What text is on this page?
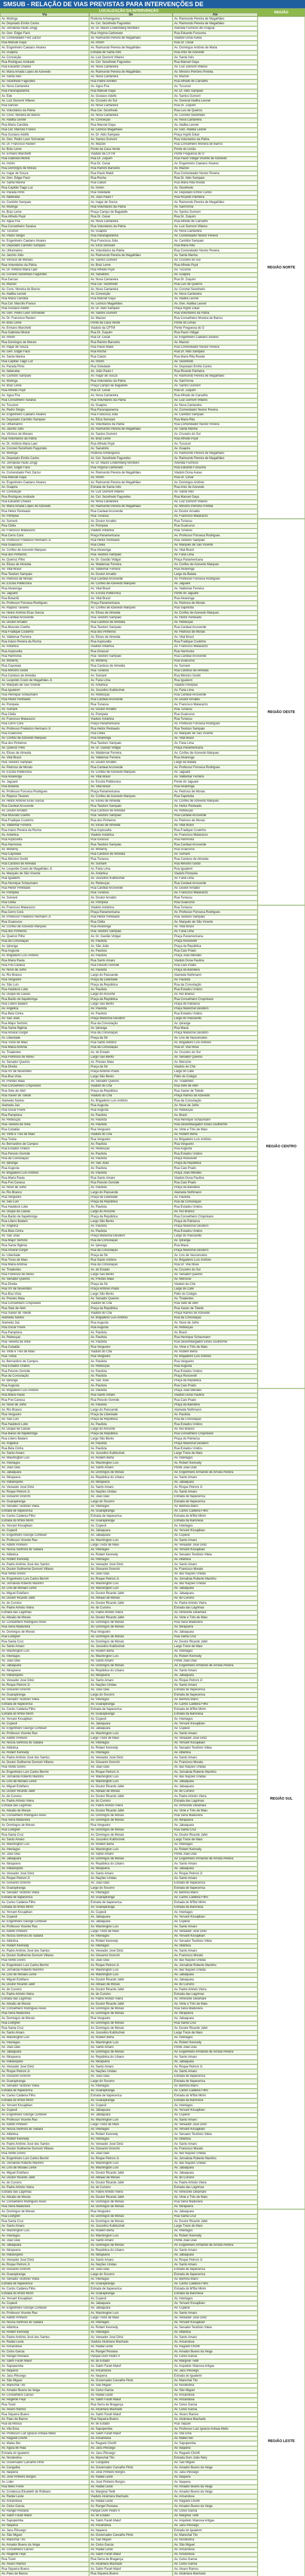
SMSUB - RELAÇÃO DE VIAS PREVISTAS PARA INTERVENÇÕES DE
LOCALIZAÇÃO DA INTERVENÇÃO	REGIÃO
Via	De	Até
Av. Mutinga	Rodovia Anhanguera	Av. Raimundo Pereira de Magalhães
Av. Deputado Emílio Carlos	Av. Cel. Sezefredo Fagundes	Av. Raimundo Pereira de Magalhães
Av. Jornalista Paulo Zingg	Av. Dr. Mauro Lindemberg Monteiro	Avenida Fuchicos de Uruguaí
Av. Gen. Edgar Facó	Rua Virgínia Carbonato	Rua Eduardo Fussuma
Av. Comendador Feiz Zarzur	Av. Raimundo Pereira de Magalhães	Viaduto Dona Aurea
Rua Manuel Gaya	Av. Imirim	Rua Dr. Cesar
Av. Engenheiro Caetano Álvares	Av. Raimundo Pereira de Magalhães	Av. Domingos Antônio de Maria
Av. Guapira	Estrada de Santa Inês	Rua Artur de Azevedo
Av. Conceição	Av. Luiz Dumont Villares	Av. Santa Inês
Rua Rodrigues Andrade	Av. Cel. Sezefredo Fagundes	Rua Manoel Gaya
Rua Eduardo Chaves	Av. Nova Cantareira	Av. Luiz Dumont Villares
Av. Maria Amalia Lopes de Azevedo	Av. Raimundo Pereira de Magalhães	Av. Ministro Petrônio Portela
Av. Santa Inês	Av. Nova Cantareira	Av. Mazzei
Av. Sezefredo Fagundes	Rua Padre Achilles	Rua Alfredo de Carvalho
Av. Nova Cantareira	Av. Água Fria	Av. Tucuruvi
Rua Paranapanema	Rua Manuel Gaya	Av. Dr. Aldo Sampaio
Av. Ede	Av. Gustavo Adolfo	Av. Santos Dumont
Av. Luiz Dumont Villares	Av. Cruzeiro do Sul	Av. General Ataliba Leonel
Rua Darzan	Av. Nova Cantareira	Rua Dr. Zuquim
Av. Voluntários da Pátria	Rua Cel. Sezefredo	Rua Luis de Queirós
Av. Cons. Moreira de Barros	Av. Nova Cantareira	Av. Coronel Sezefredo
Av. Ataliba Leonel	Av. Conceição	Av. Nova Cantareira
Rua Maria Candida	Rua Manoel Gaya	Av. Ataliba Leonel
Rua Cel. Marcílio Franco	Av. Leôncio Magalhães	Av. Gen. Ataliba Leonel
Rua Gustavo Adolfo	Av. Dr. Aldo Sampaio	Praça Ingrid Zukar
Av. Gen. Pedro Leon Schneider	Av. Santos Dumont	Rua Voluntários da Pátria
Av. Dr. Francisco Ranieri	Av. Mazzei	Rua Conselheiro Moreira de Barros
Av. Brás Leme	Ponte da Casa Verde	Ponte do Limão
Av. Ermano Marchetti	Viaduto da CPTM	Ponte Freguesia do Ó
Rua Gabriela Mistral	Rua Dr. Zuquim	Rua Paulo Vidigal Vicente de Azevedo
Av. Imirim	Rua Dr. Cesar	Av. Engenheiro Caetano Álvares
Rua Domingos de Morais	Rua Ramiro Barcelos	Av. Mazzei
Av. Inajar de Souza	Rua Paulo Maldi	Rua Comendador Nestor Pereira
Av. Gen. Edgar Facó	Rua Rocha	Rua Dr. Aldo Sampaio
Av. Santa Marina	Rua Catulo	Rua Maria Rita Rueda
Rua Capitão Tiago Luz	Av. Imirim	Av. Sezefredo
Av. Parada Pinto	Rua Soledade	Av. Deputado Emílio Carlos
Av. Itaberaba	Av. João Paulo I	Rua Ricardo Palmeira
Av. Cantídio Sampaio	Av. Inajar de Souza	Av. Raimundo Pereira de Magalhães
Av. Mutinga	Rua Voluntários da Pátria	Av. Sant'Anna
Av. Braz Leme	Praça Campo de Bagatelle	Av. Santos Dumont
Rua Alfredo Pujol	Rua Dr. Cesar	Rua Dr. Zuquim
Av. Água Fria	Av. Nova Cantareira	Rua Alfredo de Carvalho
Rua Conselheiro Saraiva	Rua Voluntários da Pátria	Av. Luiz Dumont Villares
Av. Tucuruvi	Av. Guapira	Av. Nova Cantareira
Av. Pedro Sérgio	Rua Paranapanema	Av. Comendador Nestor Pereira
Av. Engenheiro Caetano Álvares	Rua Francisca Júlia	Av. Cantídio Sampaio
Av. Deputado Cantídio Sampaio	Av. Eliza Sensiani	Rua Maria Rita
Av. Ultramarino	Av. Voluntários da Pátria	Rua Comendador Nestor Pereira
Av. Jacinto Júlio	Av. Raimundo Pereira de Magalhães	Av. Santa Marina
Av. Vinícius de Moraes	Av. Santos Dumont	Av. Cruzeiro do Sul
Rua Voluntários da Pátria	Av. Braz Leme	Rua Alfredo Pujol
Av. Dr. Antônio Maria Laet	Rua Alfredo Pujol	Av. Tucuruvi
Av. Coronel Sezefredo Fagundes	Av. Sanatório	Av. Guapira
Rua Darzan	Av. Nova Cantareira	Rua Dr. Zuquim
Av. Mazzei	Rua Cel. Sezefredo	Rua Luis de Queirós
Av. Cons. Moreira de Barros	Av. Nova Cantareira	Av. Coronel Sezefredo
Av. Ataliba Leonel	Av. Conceição	Av. Nova Cantareira
Rua Maria Candida	Rua Manoel Gaya	Av. Ataliba Leonel
Rua Cel. Marcílio Franco	Av. Leôncio Magalhães	Av. Gen. Ataliba Leonel
Rua Gustavo Adolfo	Av. Dr. Aldo Sampaio	Praça Ingrid Zukar
Av. Gen. Pedro Leon Schneider	Av. Santos Dumont	Rua Voluntários da Pátria
Av. Dr. Francisco Ranieri	Av. Mazzei	Rua Conselheiro Moreira de Barros
Av. Brás Leme	Ponte da Casa Verde	Ponte do Limão
Av. Ermano Marchetti	Viaduto da CPTM	Ponte Freguesia do Ó
Rua Gabriela Mistral	Rua Dr. Zuquim	Rua Paulo Vidigal
Av. Imirim	Rua Dr. Cesar	Av. Engenheiro Caetano Álvares
Rua Domingos de Morais	Rua Ramiro Barcelos	Av. Mazzei
Av. Inajar de Souza	Rua Paulo Maldi	Rua Comendador Nestor Pereira
Av. Gen. Edgar Facó	Rua Rocha	Rua Dr. Aldo Sampaio
Av. Santa Marina	Rua Catulo	Rua Maria Rita Rueda
Rua Capitão Tiago Luz	Av. Imirim	Av. Sezefredo
Av. Parada Pinto	Rua Soledade	Av. Deputado Emílio Carlos
Av. Itaberaba	Av. João Paulo I	Rua Ricardo Palmeira
Av. Cantídio Sampaio	Av. Inajar de Souza	Av. Raimundo Pereira de Magalhães
Av. Mutinga	Rua Voluntários da Pátria	Av. Sant'Anna
Av. Braz Leme	Praça Campo de Bagatelle	Av. Santos Dumont
Rua Alfredo Pujol	Rua Dr. Cesar	Rua Dr. Zuquim
Av. Água Fria	Av. Nova Cantareira	Rua Alfredo de Carvalho
Rua Conselheiro Saraiva	Rua Voluntários da Pátria	Av. Luiz Dumont Villares
Av. Tucuruvi	Av. Guapira	Av. Nova Cantareira
Av. Pedro Sérgio	Rua Paranapanema	Av. Comendador Nestor Pereira
Av. Engenheiro Caetano Álvares	Rua Francisca Júlia	Av. Cantídio Sampaio
Av. Deputado Cantídio Sampaio	Av. Eliza Sensiani	Rua Maria Rita
Av. Ultramarino	Av. Voluntários da Pátria	Rua Comendador Nestor Pereira
Av. Jacinto Júlio	Av. Raimundo Pereira de Magalhães	Av. Santa Marina
Av. Vinícius de Moraes	Av. Santos Dumont	Av. Cruzeiro do Sul
Rua Voluntários da Pátria	Av. Braz Leme	Rua Alfredo Pujol
Av. Dr. Antônio Maria Laet	Rua Alfredo Pujol	Av. Tucuruvi
Av. Coronel Sezefredo Fagundes	Av. Sanatório	Av. Guapira
Av. Mutinga	Rodovia Anhanguera	Av. Raimundo Pereira de Magalhães
Av. Deputado Emílio Carlos	Av. Cel. Sezefredo Fagundes	Av. Raimundo Pereira de Magalhães
Av. Jornalista Paulo Zingg	Av. Dr. Mauro Lindemberg Monteiro	Avenida Fuchicos
Av. Gen. Edgar Facó	Rua Virgínia Carbonato	Rua Eduardo Fussuma
Av. Comendador Feiz Zarzur	Av. Raimundo Pereira de Magalhães	Viaduto Dona Aurea
Rua Manuel Gaya	Av. Imirim	Rua Dr. Cesar
Av. Engenheiro Caetano Álvares	Av. Raimundo Pereira de Magalhães	Av. Domingos Antônio
Av. Guapira	Estrada de Santa Inês	Rua Artur de Azevedo
Av. Conceição	Av. Luiz Dumont Villares	Av. Santa Inês
Rua Rodrigues Andrade	Av. Cel. Sezefredo Fagundes	Rua Manoel Gaya
Rua Eduardo Chaves	Av. Nova Cantareira	Av. Luiz Dumont Villares
Av. Maria Amalia Lopes de Azevedo	Av. Raimundo Pereira de Magalhães	Av. Ministro Petrônio Portela
Rua Heitor Penteado	Rua Cardeal Arcoverde	Av. Doutor Arnaldo
Av. Pompeia	Rua Turiassu	Av. Francisco Matarazzo
Av. Sumaré	Av. Doutor Arnaldo	Rua Turiassu
Rua Clélia	Av. Pompeia	Rua Guaicurus
Av. Francisco Matarazzo	Viaduto Antártica	Rua Turiassu
Rua Cerro Corá	Praça Panamericana	Av. Professor Fonseca Rodrigues
Av. Professor Frederico Hermann Jr.	Rua Heitor Penteado	Rua Teodoro Sampaio
Rua Guaicurus	Rua Clélia	Av. Marquês de São Vicente
Av. Corifeu de Azevedo Marques	Rua Alvarenga	Av. Vital Brasil
Rua dos Pinheiros	Rua Teodoro Sampaio	Av. Faria Lima
Av. Queiroz Filho	Av. Dr. Gastão Vidigal	Praça Panamericana
Av. Eliseu de Almeida	Av. Waldemar Ferreira	Av. Corifeu de Azevedo Marques
Av. Vital Brasil	Av. Valdemar Ferreira	Rua Alvarenga
Rua Teodoro Sampaio	Av. Doutor Arnaldo	Largo da Batata
Av. Pedroso de Morais	Rua Cardeal Arcoverde	Av. Professor Fonseca Rodrigues
Av. Escola Politécnica	Av. Corifeu de Azevedo Marques	Av. Jaguaré
Rua Alvarenga	Av. Vital Brasil	Av. Valdemar Ferreira
Av. Jaguaré	Av. Escola Politécnica	Ponte do Jaguaré
Rua Butantã	Av. Vital Brasil	Rua Alvarenga
Av. Professor Fonseca Rodrigues	Praça Panamericana	Av. Pedroso de Morais
Av. Raposo Tavares	Av. Corifeu de Azevedo Marques	Rua Sapetuba
Av. Heitor Antônio Eiras Garcia	Av. Eliseu de Almeida	Av. Corifeu de Azevedo Marques
Rua Cardeal Arcoverde	Rua Teodoro Sampaio	Av. Heitor Penteado
Av. Doutor Arnaldo	Rua Cardoso de Almeida	Av. Rebouças
Rua Mourato Coelho	Rua Teodoro Sampaio	Rua Cardeal Arcoverde
Rua Fradique Coutinho	Rua dos Pinheiros	Av. Pedroso de Morais
Av. Valdemar Ferreira	Av. Eliseu de Almeida	Av. Vital Brasil
Rua Inácio Pereira da Rocha	Rua Aspicuelta	Rua Fradique Coutinho
Av. Antártica	Viaduto Antártica	Av. Francisco Matarazzo
Rua Aspicuelta	Rua Girassol	Rua Harmonia
Rua Harmonia	Rua Teodoro Sampaio	Rua Cardeal Arcoverde
Av. Mofarrej	Av. Mofarrej	Rua Guaicurus
Rua Cayowaá	Rua Cardoso de Almeida	Av. Sumaré
Rua Ministro Godói	Rua Turiassu	Rua Cardoso de Almeida
Rua Cardoso de Almeida	Av. Sumaré	Rua Ministro Godói
Av. Leopoldo Couto de Magalhães Jr.	Av. Faria Lima	Rua Iguatemi
Av. Marquês de São Vicente	Av. Antártica	Viaduto Pompeia
Rua Iguatemi	Av. Juscelino Kubitschek	Av. Faria Lima
Rua Henrique Schaumann	Av. Rebouças	Rua Cardeal Arcoverde
Rua Heitor Penteado	Rua Cardeal Arcoverde	Av. Doutor Arnaldo
Av. Pompeia	Rua Turiassu	Av. Francisco Matarazzo
Av. Sumaré	Av. Doutor Arnaldo	Rua Turiassu
Rua Clélia	Av. Pompeia	Rua Guaicurus
Av. Francisco Matarazzo	Viaduto Antártica	Rua Turiassu
Rua Cerro Corá	Praça Panamericana	Av. Professor Fonseca Rodrigues
Av. Professor Frederico Hermann Jr.	Rua Heitor Penteado	Rua Teodoro Sampaio
Rua Guaicurus	Rua Clélia	Av. Marquês de São Vicente
Av. Corifeu de Azevedo Marques	Rua Alvarenga	Av. Vital Brasil
Rua dos Pinheiros	Rua Teodoro Sampaio	Av. Faria Lima
Av. Queiroz Filho	Av. Dr. Gastão Vidigal	Praça Panamericana
Av. Eliseu de Almeida	Av. Waldemar Ferreira	Av. Corifeu de Azevedo Marques
Av. Vital Brasil	Av. Valdemar Ferreira	Rua Alvarenga
Rua Teodoro Sampaio	Av. Doutor Arnaldo	Largo da Batata
Av. Pedroso de Morais	Rua Cardeal Arcoverde	Av. Professor Fonseca Rodrigues
Av. Escola Politécnica	Av. Corifeu de Azevedo Marques	Av. Jaguaré
Rua Alvarenga	Av. Vital Brasil	Av. Valdemar Ferreira
Av. Jaguaré	Av. Escola Politécnica	Ponte do Jaguaré
Rua Butantã	Av. Vital Brasil	Rua Alvarenga
Av. Professor Fonseca Rodrigues	Praça Panamericana	Av. Pedroso de Morais
Av. Raposo Tavares	Av. Corifeu de Azevedo Marques	Rua Sapetuba
Av. Heitor Antônio Eiras Garcia	Av. Eliseu de Almeida	Av. Corifeu de Azevedo Marques
Rua Cardeal Arcoverde	Rua Teodoro Sampaio	Av. Heitor Penteado
Av. Doutor Arnaldo	Rua Cardoso de Almeida	Av. Rebouças
Rua Mourato Coelho	Rua Teodoro Sampaio	Rua Cardeal Arcoverde
Rua Fradique Coutinho	Rua dos Pinheiros	Av. Pedroso de Morais
Av. Valdemar Ferreira	Av. Eliseu de Almeida	Av. Vital Brasil
Rua Inácio Pereira da Rocha	Rua Aspicuelta	Rua Fradique Coutinho
Av. Antártica	Viaduto Antártica	Av. Francisco Matarazzo
Rua Aspicuelta	Rua Girassol	Rua Harmonia
Rua Harmonia	Rua Teodoro Sampaio	Rua Cardeal Arcoverde
Av. Mofarrej	Av. Mofarrej	Rua Guaicurus
Rua Cayowaá	Rua Cardoso de Almeida	Av. Sumaré
Rua Ministro Godói	Rua Turiassu	Rua Cardoso de Almeida
Rua Cardoso de Almeida	Av. Sumaré	Rua Ministro Godói
Av. Leopoldo Couto de Magalhães Jr.	Av. Faria Lima	Rua Iguatemi
Av. Marquês de São Vicente	Av. Antártica	Viaduto Pompeia
Rua Iguatemi	Av. Juscelino Kubitschek	Av. Faria Lima
Rua Henrique Schaumann	Av. Rebouças	Rua Cardeal Arcoverde
Rua Heitor Penteado	Rua Cardeal Arcoverde	Av. Doutor Arnaldo
Av. Pompeia	Rua Turiassu	Av. Francisco Matarazzo
Av. Sumaré	Av. Doutor Arnaldo	Rua Turiassu
Rua Clélia	Av. Pompeia	Rua Guaicurus
Av. Francisco Matarazzo	Viaduto Antártica	Rua Turiassu
Rua Cerro Corá	Praça Panamericana	Av. Professor Fonseca Rodrigues
Av. Professor Frederico Hermann Jr.	Rua Heitor Penteado	Rua Teodoro Sampaio
Rua Guaicurus	Rua Clélia	Av. Marquês de São Vicente
Av. Corifeu de Azevedo Marques	Rua Alvarenga	Av. Vital Brasil
Rua dos Pinheiros	Rua Teodoro Sampaio	Av. Faria Lima
Av. Queiroz Filho	Av. Dr. Gastão Vidigal	Praça Panamericana
Rua da Consolação	Av. Paulista	Praça Roosevelt
Av. Ipiranga	Av. São João	Praça da República
Rua Augusta	Av. Paulista	Rua Caio Prado
Av. Brigadeiro Luís Antônio	Av. Paulista	Praça João Mendes
Rua Maria Paula	Rua Santo Amaro	Viaduto Dona Paulina
Rua Frei Caneca	Rua Peixoto Gomide	Rua Caio Prado
Av. Nove de Julho	Av. Paulista	Praça da Bandeira
Av. Rio Branco	Largo do Paissandu	Alameda Nothmann
Rua Vergueiro	Praça da Liberdade	Av. Paulista
Av. São Luís	Praça da República	Rua da Consolação
Rua Haddock Lobo	Av. Paulista	Rua Estados Unidos
Av. Duque de Caxias	Largo do Arouche	Av. Rio Branco
Rua Barão de Itapetininga	Praça da República	Rua Conselheiro Crispiniano
Rua Líbero Badaró	Largo São Bento	Praça do Patriarca
Av. Angélica	Av. Paulista	Praça Marechal Deodoro
Rua Bela Cintra	Av. Paulista	Rua Estados Unidos
Av. São João	Praça Marechal Deodoro	Largo do Paissandu
Rua Major Sertório	Rua da Consolação	Av. Ipiranga
Rua Santa Ifigênia	Av. Ipiranga	Rua Mauá
Rua Amaral Gurgel	Rua da Consolação	Praça Marechal Deodoro
Av. Liberdade	Praça da Sé	Av. Lins de Vasconcelos
Rua Treze de Maio	Rua Santo Antônio	Av. Brigadeiro Luís Antônio
Rua Maria Antônia	Rua da Consolação	Rua Dr. Vila Nova
Av. Tiradentes	Av. do Estado	Av. Cruzeiro do Sul
Rua Florêncio de Abreu	Largo São Bento	Av. Senador Queirós
Av. Senador Queirós	Av. Prestes Maia	Av. Mercúrio
Rua Direita	Praça da Sé	Viaduto do Chá
Rua XV de Novembro	Praça Antônio Prado	Largo do Café
Rua Boa Vista	Largo São Bento	Pátio do Colégio
Av. Prestes Maia	Av. Senador Queirós	Av. Tiradentes
Rua Conselheiro Crispiniano	Viaduto do Chá	Rua Sete de Abril
Rua Sete de Abril	Praça da República	Rua Xavier de Toledo
Rua Xavier de Toledo	Viaduto do Chá	Praça Ramos de Azevedo
Alameda Santos	Av. Brigadeiro Luís Antônio	Rua da Consolação
Alameda Jaú	Rua Augusta	Av. Nove de Julho
Rua Oscar Freire	Rua Augusta	Av. Rebouças
Rua Pamplona	Av. Paulista	Av. Brasil
Av. Rebouças	Av. Paulista	Rua Henrique Schaumann
Rua Teixeira da Silva	Av. Paulista	Rua Desembargador Eliseu Guilherme
Rua Cubatão	Rua Vergueiro	Av. Vinte e Três de Maio
Av. Vinte e Três de Maio	Viaduto do Chá	Av. Rubem Berta
Rua Tutóia	Rua Vergueiro	Av. Brigadeiro Luís Antônio
Av. Bernardino de Campos	Av. Paulista	Rua Vergueiro
Rua Estados Unidos	Av. Rebouças	Rua Augusta
Rua Peixoto Gomide	Av. Paulista	Rua Estados Unidos
Rua da Consolação	Av. Paulista	Praça Roosevelt
Av. Ipiranga	Av. São João	Praça da República
Rua Augusta	Av. Paulista	Rua Caio Prado
Av. Brigadeiro Luís Antônio	Av. Paulista	Praça João Mendes
Rua Maria Paula	Rua Santo Amaro	Viaduto Dona Paulina
Rua Frei Caneca	Rua Peixoto Gomide	Rua Caio Prado
Av. Nove de Julho	Av. Paulista	Praça da Bandeira
Av. Rio Branco	Largo do Paissandu	Alameda Nothmann
Rua Vergueiro	Praça da Liberdade	Av. Paulista
Av. São Luís	Praça da República	Rua da Consolação
Rua Haddock Lobo	Av. Paulista	Rua Estados Unidos
Av. Duque de Caxias	Largo do Arouche	Av. Rio Branco
Rua Barão de Itapetininga	Praça da República	Rua Conselheiro Crispiniano
Rua Líbero Badaró	Largo São Bento	Praça do Patriarca
Av. Angélica	Av. Paulista	Praça Marechal Deodoro
Rua Bela Cintra	Av. Paulista	Rua Estados Unidos
Av. São João	Praça Marechal Deodoro	Largo do Paissandu
Rua Major Sertório	Rua da Consolação	Av. Ipiranga
Rua Santa Ifigênia	Av. Ipiranga	Rua Mauá
Rua Amaral Gurgel	Rua da Consolação	Praça Marechal Deodoro
Av. Liberdade	Praça da Sé	Av. Lins de Vasconcelos
Rua Treze de Maio	Rua Santo Antônio	Av. Brigadeiro Luís Antônio
Rua Maria Antônia	Rua da Consolação	Rua Dr. Vila Nova
Av. Tiradentes	Av. do Estado	Av. Cruzeiro do Sul
Rua Florêncio de Abreu	Largo São Bento	Av. Senador Queirós
Av. Senador Queirós	Av. Prestes Maia	Av. Mercúrio
Rua Direita	Praça da Sé	Viaduto do Chá
Rua XV de Novembro	Praça Antônio Prado	Largo do Café
Rua Boa Vista	Largo São Bento	Pátio do Colégio
Av. Prestes Maia	Av. Senador Queirós	Av. Tiradentes
Rua Conselheiro Crispiniano	Viaduto do Chá	Rua Sete de Abril
Rua Sete de Abril	Praça da República	Rua Xavier de Toledo
Rua Xavier de Toledo	Viaduto do Chá	Praça Ramos de Azevedo
Alameda Santos	Av. Brigadeiro Luís Antônio	Rua da Consolação
Alameda Jaú	Rua Augusta	Av. Nove de Julho
Rua Oscar Freire	Rua Augusta	Av. Rebouças
Rua Pamplona	Av. Paulista	Av. Brasil
Av. Rebouças	Av. Paulista	Rua Henrique Schaumann
Rua Teixeira da Silva	Av. Paulista	Rua Desembargador Eliseu Guilherme
Rua Cubatão	Rua Vergueiro	Av. Vinte e Três de Maio
Av. Vinte e Três de Maio	Viaduto do Chá	Av. Rubem Berta
Rua Tutóia	Rua Vergueiro	Av. Brigadeiro Luís Antônio
Av. Bernardino de Campos	Av. Paulista	Rua Vergueiro
Rua Estados Unidos	Av. Rebouças	Rua Augusta
Rua Peixoto Gomide	Av. Paulista	Rua Estados Unidos
Rua da Consolação	Av. Paulista	Praça Roosevelt
Av. Ipiranga	Av. São João	Praça da República
Rua Augusta	Av. Paulista	Rua Caio Prado
Av. Brigadeiro Luís Antônio	Av. Paulista	Praça João Mendes
Rua Maria Paula	Rua Santo Amaro	Viaduto Dona Paulina
Rua Frei Caneca	Rua Peixoto Gomide	Rua Caio Prado
Av. Nove de Julho	Av. Paulista	Praça da Bandeira
Av. Rio Branco	Largo do Paissandu	Alameda Nothmann
Rua Vergueiro	Praça da Liberdade	Av. Paulista
Av. São Luís	Praça da República	Rua da Consolação
Rua Haddock Lobo	Av. Paulista	Rua Estados Unidos
Av. Duque de Caxias	Largo do Arouche	Av. Rio Branco
Rua Barão de Itapetininga	Praça da República	Rua Conselheiro Crispiniano
Rua Líbero Badaró	Largo São Bento	Praça do Patriarca
Av. Angélica	Av. Paulista	Praça Marechal Deodoro
Rua Bela Cintra	Av. Paulista	Rua Estados Unidos
Av. Santo Amaro	Av. Juscelino Kubitschek	Largo Treze de Maio
Av. Washington Luís	Av. Rubem Berta	Av. Interlagos
Av. Interlagos	Av. Washington Luís	Av. Robert Kennedy
Av. João Dias	Av. Santo Amaro	Ponte João Dias
Av. Jabaquara	Av. Domingos de Morais	Av. Engenheiro Armando de Arruda Pereira
Av. Ibirapuera	Av. República do Líbano	Av. Santo Amaro
Av. Indianópolis	Av. Ibirapuera	Av. Jabaquara
Av. Vereador José Diniz	Av. Santo Amaro	Av. Roque Petroni Jr.
Av. Roque Petroni Jr.	Av. Nações Unidas	Av. Santo Amaro
Av. Giovanni Gronchi	Av. João Dias	Estrada de Itapecerica
Av. Guarapiranga	Largo do Socorro	Estrada de Itapecerica
Av. Senador Teotônio Vilela	Av. Interlagos	Av. Belmira Marin
Estrada de Itapecerica	Av. Guarapiranga	Av. Carlos Caldeira Filho
Av. Carlos Caldeira Filho	Estrada de Itapecerica	Estrada do M'Boi Mirim
Estrada do M'Boi Mirim	Av. Guarapiranga	Estrada da Baronesa
Av. Yervant Kissajikian	Av. Cupecê	Av. Interlagos
Av. Cupecê	Av. Jabaquara	Av. Yervant Kissajikian
Av. Engenheiro George Corbisier	Av. Jabaquara	Av. Cupecê
Av. Professor Vicente Rao	Av. Washington Luís	Av. Santo Amaro
Av. Adolfo Pinheiro	Largo Treze de Maio	Av. Vereador José Diniz
Av. Nossa Senhora do Sabará	Av. Interlagos	Av. Yervant Kissajikian
Av. Atlântica	Av. Robert Kennedy	Av. Senador Teotônio Vilela
Av. Robert Kennedy	Av. Interlagos	Av. Atlântica
Av. Padre Antônio José dos Santos	Av. Vereador José Diniz	Av. Santo Amaro
Av. Doutor Guilherme Dumont Villares	Av. Giovanni Gronchi	Av. Francisco Morato
Rua Verbo Divino	Av. João Dias	Av. das Nações Unidas
Av. Engenheiro Luís Carlos Berrini	Av. Roque Petroni Jr.	Av. Jornalista Roberto Marinho
Av. Jornalista Roberto Marinho	Av. Washington Luís	Av. das Nações Unidas
Av. Lino de Moraes Leme	Av. Washington Luís	Av. Jabaquara
Av. Miguel Estéfano	Av. Doutor Ricardo Jafet	Av. Jabaquara
Av. Doutor Ricardo Jafet	Av. Abraão de Morais	Av. do Cursino
Av. do Cursino	Av. Doutor Ricardo Jafet	Av. Padre Arlindo Vieira
Av. Padre Arlindo Vieira	Av. do Cursino	Estrada das Lágrimas
Estrada das Lágrimas	Av. Padre Arlindo Vieira	Av. Almirante Delamare
Av. Abraão de Morais	Av. Doutor Ricardo Jafet	Av. Vinte e Três de Maio
Av. Conselheiro Rodrigues Alves	Av. Domingos de Morais	Rua Sena Madureira
Rua Sena Madureira	Av. Domingos de Morais	Av. Ibirapuera
Av. Domingos de Morais	Rua Vergueiro	Av. Jabaquara
Rua Loefgren	Av. Domingos de Morais	Rua Santa Cruz
Rua Santa Cruz	Av. Domingos de Morais	Av. Doutor Ricardo Jafet
Av. Santo Amaro	Av. Juscelino Kubitschek	Largo Treze de Maio
Av. Washington Luís	Av. Rubem Berta	Av. Interlagos
Av. Interlagos	Av. Washington Luís	Av. Robert Kennedy
Av. João Dias	Av. Santo Amaro	Ponte João Dias
Av. Jabaquara	Av. Domingos de Morais	Av. Engenheiro Armando de Arruda Pereira
Av. Ibirapuera	Av. República do Líbano	Av. Santo Amaro
Av. Indianópolis	Av. Ibirapuera	Av. Jabaquara
Av. Vereador José Diniz	Av. Santo Amaro	Av. Roque Petroni Jr.
Av. Roque Petroni Jr.	Av. Nações Unidas	Av. Santo Amaro
Av. Giovanni Gronchi	Av. João Dias	Estrada de Itapecerica
Av. Guarapiranga	Largo do Socorro	Estrada de Itapecerica
Av. Senador Teotônio Vilela	Av. Interlagos	Av. Belmira Marin
Estrada de Itapecerica	Av. Guarapiranga	Av. Carlos Caldeira Filho
Av. Carlos Caldeira Filho	Estrada de Itapecerica	Estrada do M'Boi Mirim
Estrada do M'Boi Mirim	Av. Guarapiranga	Estrada da Baronesa
Av. Yervant Kissajikian	Av. Cupecê	Av. Interlagos
Av. Cupecê	Av. Jabaquara	Av. Yervant Kissajikian
Av. Engenheiro George Corbisier	Av. Jabaquara	Av. Cupecê
Av. Professor Vicente Rao	Av. Washington Luís	Av. Santo Amaro
Av. Adolfo Pinheiro	Largo Treze de Maio	Av. Vereador José Diniz
Av. Nossa Senhora do Sabará	Av. Interlagos	Av. Yervant Kissajikian
Av. Atlântica	Av. Robert Kennedy	Av. Senador Teotônio Vilela
Av. Robert Kennedy	Av. Interlagos	Av. Atlântica
Av. Padre Antônio José dos Santos	Av. Vereador José Diniz	Av. Santo Amaro
Av. Doutor Guilherme Dumont Villares	Av. Giovanni Gronchi	Av. Francisco Morato
Rua Verbo Divino	Av. João Dias	Av. das Nações Unidas
Av. Engenheiro Luís Carlos Berrini	Av. Roque Petroni Jr.	Av. Jornalista Roberto Marinho
Av. Jornalista Roberto Marinho	Av. Washington Luís	Av. das Nações Unidas
Av. Lino de Moraes Leme	Av. Washington Luís	Av. Jabaquara
Av. Miguel Estéfano	Av. Doutor Ricardo Jafet	Av. Jabaquara
Av. Doutor Ricardo Jafet	Av. Abraão de Morais	Av. do Cursino
Av. do Cursino	Av. Doutor Ricardo Jafet	Av. Padre Arlindo Vieira
Av. Padre Arlindo Vieira	Av. do Cursino	Estrada das Lágrimas
Estrada das Lágrimas	Av. Padre Arlindo Vieira	Av. Almirante Delamare
Av. Abraão de Morais	Av. Doutor Ricardo Jafet	Av. Vinte e Três de Maio
Av. Conselheiro Rodrigues Alves	Av. Domingos de Morais	Rua Sena Madureira
Rua Sena Madureira	Av. Domingos de Morais	Av. Ibirapuera
Av. Domingos de Morais	Rua Vergueiro	Av. Jabaquara
Rua Loefgren	Av. Domingos de Morais	Rua Santa Cruz
Rua Santa Cruz	Av. Domingos de Morais	Av. Doutor Ricardo Jafet
Av. Santo Amaro	Av. Juscelino Kubitschek	Largo Treze de Maio
Av. Washington Luís	Av. Rubem Berta	Av. Interlagos
Av. Interlagos	Av. Washington Luís	Av. Robert Kennedy
Av. João Dias	Av. Santo Amaro	Ponte João Dias
Av. Jabaquara	Av. Domingos de Morais	Av. Engenheiro Armando de Arruda Pereira
Av. Ibirapuera	Av. República do Líbano	Av. Santo Amaro
Av. Indianópolis	Av. Ibirapuera	Av. Jabaquara
Av. Vereador José Diniz	Av. Santo Amaro	Av. Roque Petroni Jr.
Av. Roque Petroni Jr.	Av. Nações Unidas	Av. Santo Amaro
Av. Giovanni Gronchi	Av. João Dias	Estrada de Itapecerica
Av. Guarapiranga	Largo do Socorro	Estrada de Itapecerica
Av. Senador Teotônio Vilela	Av. Interlagos	Av. Belmira Marin
Estrada de Itapecerica	Av. Guarapiranga	Av. Carlos Caldeira Filho
Av. Carlos Caldeira Filho	Estrada de Itapecerica	Estrada do M'Boi Mirim
Estrada do M'Boi Mirim	Av. Guarapiranga	Estrada da Baronesa
Av. Yervant Kissajikian	Av. Cupecê	Av. Interlagos
Av. Cupecê	Av. Jabaquara	Av. Yervant Kissajikian
Av. Engenheiro George Corbisier	Av. Jabaquara	Av. Cupecê
Av. Professor Vicente Rao	Av. Washington Luís	Av. Santo Amaro
Av. Adolfo Pinheiro	Largo Treze de Maio	Av. Vereador José Diniz
Av. Nossa Senhora do Sabará	Av. Interlagos	Av. Yervant Kissajikian
Av. Atlântica	Av. Robert Kennedy	Av. Senador Teotônio Vilela
Av. Robert Kennedy	Av. Interlagos	Av. Atlântica
Av. Padre Antônio José dos Santos	Av. Vereador José Diniz	Av. Santo Amaro
Av. Doutor Guilherme Dumont Villares	Av. Giovanni Gronchi	Av. Francisco Morato
Rua Verbo Divino	Av. João Dias	Av. das Nações Unidas
Av. Engenheiro Luís Carlos Berrini	Av. Roque Petroni Jr.	Av. Jornalista Roberto Marinho
Av. Jornalista Roberto Marinho	Av. Washington Luís	Av. das Nações Unidas
Av. Lino de Moraes Leme	Av. Washington Luís	Av. Jabaquara
Av. Miguel Estéfano	Av. Doutor Ricardo Jafet	Av. Jabaquara
Av. Doutor Ricardo Jafet	Av. Abraão de Morais	Av. do Cursino
Av. do Cursino	Av. Doutor Ricardo Jafet	Av. Padre Arlindo Vieira
Av. Padre Arlindo Vieira	Av. do Cursino	Estrada das Lágrimas
Estrada das Lágrimas	Av. Padre Arlindo Vieira	Av. Almirante Delamare
Av. Abraão de Morais	Av. Doutor Ricardo Jafet	Av. Vinte e Três de Maio
Av. Conselheiro Rodrigues Alves	Av. Domingos de Morais	Rua Sena Madureira
Rua Sena Madureira	Av. Domingos de Morais	Av. Ibirapuera
Av. Domingos de Morais	Rua Vergueiro	Av. Jabaquara
Rua Loefgren	Av. Domingos de Morais	Rua Santa Cruz
Rua Santa Cruz	Av. Domingos de Morais	Av. Doutor Ricardo Jafet
Av. Santo Amaro	Av. Juscelino Kubitschek	Largo Treze de Maio
Av. Washington Luís	Av. Rubem Berta	Av. Interlagos
Av. Interlagos	Av. Washington Luís	Av. Robert Kennedy
Av. João Dias	Av. Santo Amaro	Ponte João Dias
Av. Jabaquara	Av. Domingos de Morais	Av. Engenheiro Armando de Arruda Pereira
Av. Ibirapuera	Av. República do Líbano	Av. Santo Amaro
Av. Indianópolis	Av. Ibirapuera	Av. Jabaquara
Av. Vereador José Diniz	Av. Santo Amaro	Av. Roque Petroni Jr.
Av. Roque Petroni Jr.	Av. Nações Unidas	Av. Santo Amaro
Av. Giovanni Gronchi	Av. João Dias	Estrada de Itapecerica
Av. Guarapiranga	Largo do Socorro	Estrada de Itapecerica
Av. Senador Teotônio Vilela	Av. Interlagos	Av. Belmira Marin
Estrada de Itapecerica	Av. Guarapiranga	Av. Carlos Caldeira Filho
Av. Carlos Caldeira Filho	Estrada de Itapecerica	Estrada do M'Boi Mirim
Estrada do M'Boi Mirim	Av. Guarapiranga	Estrada da Baronesa
Av. Yervant Kissajikian	Av. Cupecê	Av. Interlagos
Av. Cupecê	Av. Jabaquara	Av. Yervant Kissajikian
Av. Engenheiro George Corbisier	Av. Jabaquara	Av. Cupecê
Av. Professor Vicente Rao	Av. Washington Luís	Av. Santo Amaro
Av. Adolfo Pinheiro	Largo Treze de Maio	Av. Vereador José Diniz
Av. Nossa Senhora do Sabará	Av. Interlagos	Av. Yervant Kissajikian
Av. Atlântica	Av. Robert Kennedy	Av. Senador Teotônio Vilela
Av. Robert Kennedy	Av. Interlagos	Av. Atlântica
Av. Padre Antônio José dos Santos	Av. Vereador José Diniz	Av. Santo Amaro
Av. Doutor Guilherme Dumont Villares	Av. Giovanni Gronchi	Av. Francisco Morato
Rua Verbo Divino	Av. João Dias	Av. das Nações Unidas
Av. Engenheiro Luís Carlos Berrini	Av. Roque Petroni Jr.	Av. Jornalista Roberto Marinho
Av. Jornalista Roberto Marinho	Av. Washington Luís	Av. das Nações Unidas
Av. Lino de Moraes Leme	Av. Washington Luís	Av. Jabaquara
Av. Miguel Estéfano	Av. Doutor Ricardo Jafet	Av. Jabaquara
Av. Doutor Ricardo Jafet	Av. Abraão de Morais	Av. do Cursino
Av. do Cursino	Av. Doutor Ricardo Jafet	Av. Padre Arlindo Vieira
Av. Padre Arlindo Vieira	Av. do Cursino	Estrada das Lágrimas
Estrada das Lágrimas	Av. Padre Arlindo Vieira	Av. Almirante Delamare
Av. Abraão de Morais	Av. Doutor Ricardo Jafet	Av. Vinte e Três de Maio
Av. Conselheiro Rodrigues Alves	Av. Domingos de Morais	Rua Sena Madureira
Rua Sena Madureira	Av. Domingos de Morais	Av. Ibirapuera
Av. Domingos de Morais	Rua Vergueiro	Av. Jabaquara
Rua Loefgren	Av. Domingos de Morais	Rua Santa Cruz
Rua Santa Cruz	Av. Domingos de Morais	Av. Doutor Ricardo Jafet
Av. Santo Amaro	Av. Juscelino Kubitschek	Largo Treze de Maio
Av. Washington Luís	Av. Rubem Berta	Av. Interlagos
Av. Interlagos	Av. Washington Luís	Av. Robert Kennedy
Av. João Dias	Av. Santo Amaro	Ponte João Dias
Av. Jabaquara	Av. Domingos de Morais	Av. Engenheiro Armando de Arruda Pereira
Av. Ibirapuera	Av. República do Líbano	Av. Santo Amaro
Av. Indianópolis	Av. Ibirapuera	Av. Jabaquara
Av. Vereador José Diniz	Av. Santo Amaro	Av. Roque Petroni Jr.
Av. Roque Petroni Jr.	Av. Nações Unidas	Av. Santo Amaro
Av. Giovanni Gronchi	Av. João Dias	Estrada de Itapecerica
Av. Guarapiranga	Largo do Socorro	Estrada de Itapecerica
Av. Senador Teotônio Vilela	Av. Interlagos	Av. Belmira Marin
Estrada de Itapecerica	Av. Guarapiranga	Av. Carlos Caldeira Filho
Av. Carlos Caldeira Filho	Estrada de Itapecerica	Estrada do M'Boi Mirim
Estrada do M'Boi Mirim	Av. Guarapiranga	Estrada da Baronesa
Av. Yervant Kissajikian	Av. Cupecê	Av. Interlagos
Av. Cupecê	Av. Jabaquara	Av. Yervant Kissajikian
Av. Engenheiro George Corbisier	Av. Jabaquara	Av. Cupecê
Av. Professor Vicente Rao	Av. Washington Luís	Av. Santo Amaro
Av. Adolfo Pinheiro	Largo Treze de Maio	Av. Vereador José Diniz
Av. Nossa Senhora do Sabará	Av. Interlagos	Av. Yervant Kissajikian
Av. Atlântica	Av. Robert Kennedy	Av. Senador Teotônio Vilela
Av. Robert Kennedy	Av. Interlagos	Av. Atlântica
Av. Padre Antônio José dos Santos	Av. Vereador José Diniz	Av. Santo Amaro
Av. Radial Leste	Viaduto Alcântara Machado	Av. Aricanduva
Av. Aricanduva	Av. Radial Leste	Av. Ragueb Chohfi
Av. Celso Garcia	Av. Rangel Pestana	Av. Amador Bueno da Veiga
Av. Rangel Pestana	Parque Dom Pedro II	Av. Celso Garcia
Av. Salim Farah Maluf	Av. do Estado	Av. Marginal Tietê
Av. Sapopemba	Av. Salim Farah Maluf	Av. Arquiteto Vilanova Artigas
Av. Itaquera	Av. Aricanduva	Av. Jacu-Pêssego
Av. Jacu-Pêssego	Av. Itaquera	Estrada do Iguatemi
Av. São Miguel	Av. Governador Carvalho Pinto	Av. Marechal Tito
Av. Marechal Tito	Av. São Miguel	Av. Nordestina
Av. Amador Bueno da Veiga	Av. Celso Garcia	Av. São Miguel
Av. Conselheiro Carrão	Av. Radial Leste	Av. Aricanduva
Av. Regente Feijó	Av. Salim Farah Maluf	Av. Aricanduva
Rua Tuiuti	Rua Serra de Bragança	Av. Celso Garcia
Av. Álvaro Ramos	Av. Alcântara Machado	Av. Celso Garcia
Rua Siqueira Bueno	Av. Salim Farah Maluf	Av. Álvaro Ramos
Av. Paes de Barros	Rua Siqueira Bueno	Av. Alcântara Machado
Rua da Mooca	Av. do Estado	Rua Taquari
Av. Vila Ema	Av. Sapopemba	Av. Professor Luiz Ignácio Anhaia Mello
Av. Professor Luiz Ignácio Anhaia Mello	Av. Salim Farah Maluf	Av. Vila Ema
Av. Ragueb Chohfi	Av. Aricanduva	Av. Mateo Bei
Av. Mateo Bei	Av. Ragueb Chohfi	Av. Sapopemba
Av. Águia de Haia	Av. Jacu-Pêssego	Av. Itaquera
Estrada do Iguatemi	Av. Jacu-Pêssego	Av. Ragueb Chohfi
Av. Nordestina	Av. Marechal Tito	Estrada Dom João Nery
Av. Governador Carvalho Pinto	Av. Cangaíba	Av. São Miguel
Av. Cangaíba	Av. Governador Carvalho Pinto	Av. Amador Bueno da Veiga
Av. Itaquera	Av. José Pinheiro Borges	Av. Jacu-Pêssego
Av. José Pinheiro Borges	Av. Radial Leste	Av. Itaquera
Av. Líder	Av. José Pinheiro Borges	Av. Itaquera
Rua Melo Freire	Av. Radial Leste	Av. Amador Bueno da Veiga
Av. Condessa Elisabeth de Robiano	Av. Marginal Tietê	Av. Amador Bueno da Veiga
Av. Radial Leste	Viaduto Alcântara Machado	Av. Aricanduva
Av. Aricanduva	Av. Radial Leste	Av. Ragueb Chohfi
Av. Celso Garcia	Av. Rangel Pestana	Av. Amador Bueno da Veiga
Av. Rangel Pestana	Parque Dom Pedro II	Av. Celso Garcia
Av. Salim Farah Maluf	Av. do Estado	Av. Marginal Tietê
Av. Sapopemba	Av. Salim Farah Maluf	Av. Arquiteto Vilanova Artigas
Av. Itaquera	Av. Aricanduva	Av. Jacu-Pêssego
Av. Jacu-Pêssego	Av. Itaquera	Estrada do Iguatemi
Av. São Miguel	Av. Governador Carvalho Pinto	Av. Marechal Tito
Av. Marechal Tito	Av. São Miguel	Av. Nordestina
Av. Amador Bueno da Veiga	Av. Celso Garcia	Av. São Miguel
Av. Conselheiro Carrão	Av. Radial Leste	Av. Aricanduva
Av. Regente Feijó	Av. Salim Farah Maluf	Av. Aricanduva
Rua Tuiuti	Rua Serra de Bragança	Av. Celso Garcia
Av. Álvaro Ramos	Av. Alcântara Machado	Av. Celso Garcia
Rua Siqueira Bueno	Av. Salim Farah Maluf	Av. Álvaro Ramos
Av. Paes de Barros	Rua Siqueira Bueno	Av. Alcântara Machado
REGIÃO NORTE
REGIÃO OESTE
REGIÃO CENTRO
REGIÃO SUL
REGIÃO LESTE
